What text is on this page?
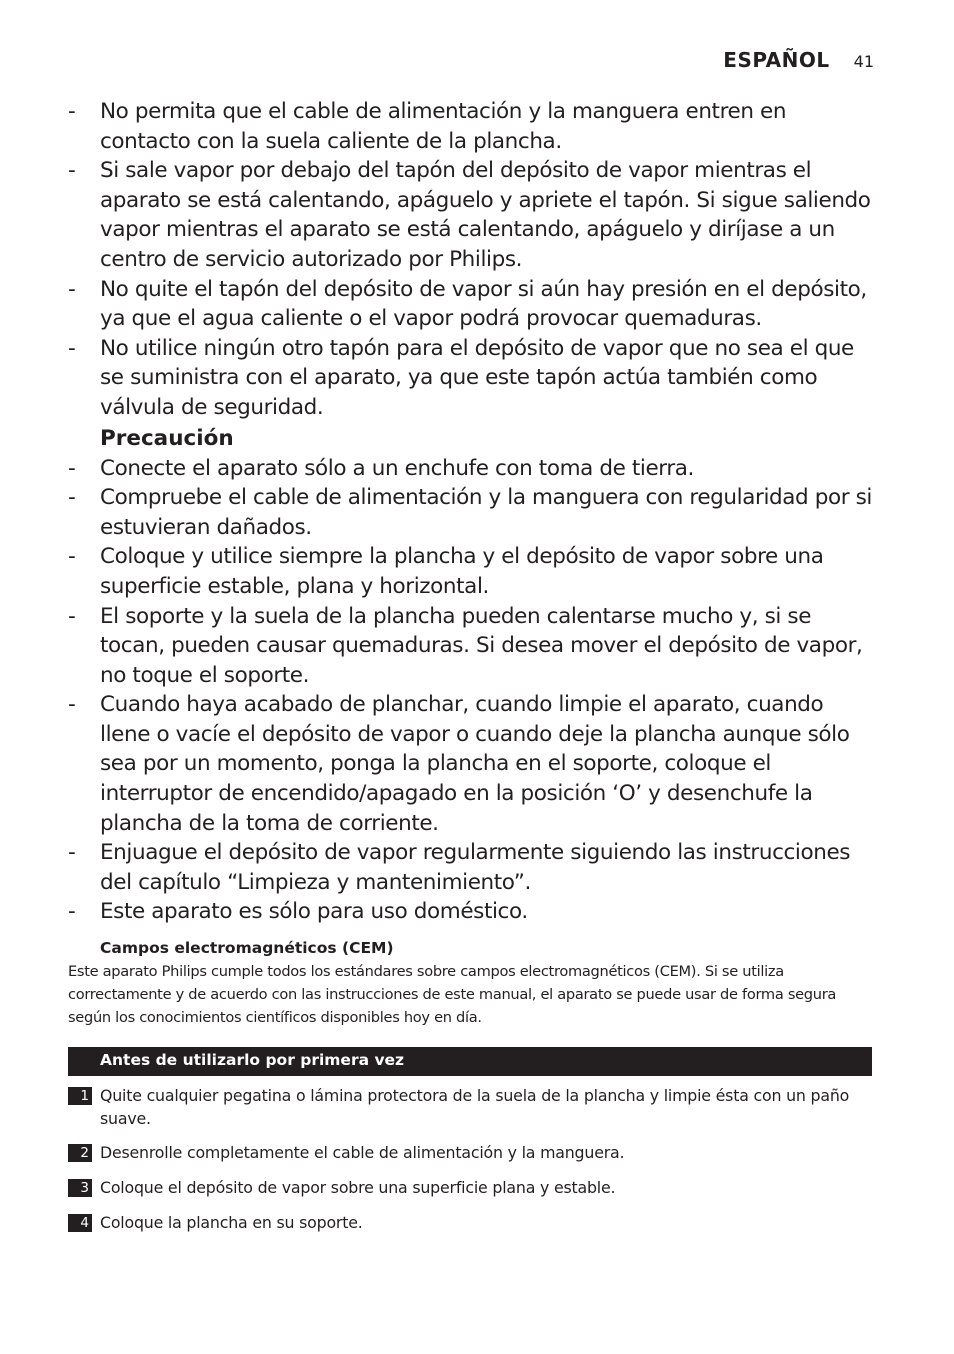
ESPAÑOL 41
- No permita que el cable de alimentación y la manguera entren en contacto con la suela caliente de la plancha.
- Si sale vapor por debajo del tapón del depósito de vapor mientras el aparato se está calentando, apáguelo y apriete el tapón. Si sigue saliendo vapor mientras el aparato se está calentando, apáguelo y diríjase a un centro de servicio autorizado por Philips.
- No quite el tapón del depósito de vapor si aún hay presión en el depósito, ya que el agua caliente o el vapor podrá provocar quemaduras.
- No utilice ningún otro tapón para el depósito de vapor que no sea el que se suministra con el aparato, ya que este tapón actúa también como válvula de seguridad.
Precaución
- Conecte el aparato sólo a un enchufe con toma de tierra.
- Compruebe el cable de alimentación y la manguera con regularidad por si estuvieran dañados.
- Coloque y utilice siempre la plancha y el depósito de vapor sobre una superficie estable, plana y horizontal.
- El soporte y la suela de la plancha pueden calentarse mucho y, si se tocan, pueden causar quemaduras. Si desea mover el depósito de vapor, no toque el soporte.
- Cuando haya acabado de planchar, cuando limpie el aparato, cuando llene o vacíe el depósito de vapor o cuando deje la plancha aunque sólo sea por un momento, ponga la plancha en el soporte, coloque el interruptor de encendido/apagado en la posición ‘O’ y desenchufe la plancha de la toma de corriente.
- Enjuague el depósito de vapor regularmente siguiendo las instrucciones del capítulo “Limpieza y mantenimiento”.
- Este aparato es sólo para uso doméstico.
Campos electromagnéticos (CEM)
Este aparato Philips cumple todos los estándares sobre campos electromagnéticos (CEM). Si se utiliza correctamente y de acuerdo con las instrucciones de este manual, el aparato se puede usar de forma segura según los conocimientos científicos disponibles hoy en día.
Antes de utilizarlo por primera vez
1 Quite cualquier pegatina o lámina protectora de la suela de la plancha y limpie ésta con un paño suave.
2 Desenrolle completamente el cable de alimentación y la manguera.
3 Coloque el depósito de vapor sobre una superficie plana y estable.
4 Coloque la plancha en su soporte.
